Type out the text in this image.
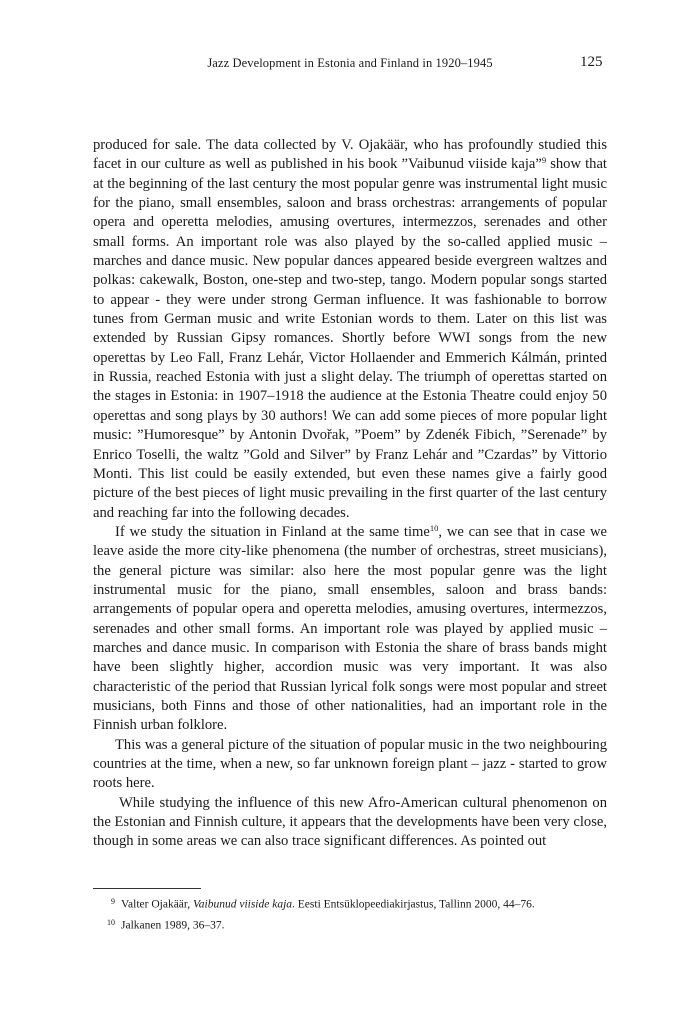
Jazz Development in Estonia and Finland in 1920–1945	125

produced for sale. The data collected by V. Ojakäär, who has profoundly studied this facet in our culture as well as published in his book ”Vaibunud viiside kaja”$^9$ show that at the beginning of the last century the most popular genre was instrumental light music for the piano, small ensembles, saloon and brass orchestras: arrangements of popular opera and operetta melodies, amusing overtures, intermezzos, serenades and other small forms. An important role was also played by the so-called applied music – marches and dance music. New popular dances appeared beside evergreen waltzes and polkas: cakewalk, Boston, one-step and two-step, tango. Modern popular songs started to appear - they were under strong German influence. It was fashionable to borrow tunes from German music and write Estonian words to them. Later on this list was extended by Russian Gipsy romances. Shortly before WWI songs from the new operettas by Leo Fall, Franz Lehár, Victor Hollaender and Emmerich Kálmán, printed in Russia, reached Estonia with just a slight delay. The triumph of operettas started on the stages in Estonia: in 1907–1918 the audience at the Estonia Theatre could enjoy 50 operettas and song plays by 30 authors! We can add some pieces of more popular light music: ”Humoresque” by Antonin Dvořak, ”Poem” by Zdenék Fibich, ”Serenade” by Enrico Toselli, the waltz ”Gold and Silver” by Franz Lehár and ”Czardas” by Vittorio Monti. This list could be easily extended, but even these names give a fairly good picture of the best pieces of light music prevailing in the first quarter of the last century and reaching far into the following decades.

If we study the situation in Finland at the same time$^{10}$, we can see that in case we leave aside the more city-like phenomena (the number of orchestras, street musicians), the general picture was similar: also here the most popular genre was the light instrumental music for the piano, small ensembles, saloon and brass bands: arrangements of popular opera and operetta melodies, amusing overtures, intermezzos, serenades and other small forms. An important role was played by applied music – marches and dance music. In comparison with Estonia the share of brass bands might have been slightly higher, accordion music was very important. It was also characteristic of the period that Russian lyrical folk songs were most popular and street musicians, both Finns and those of other nationalities, had an important role in the Finnish urban folklore.

This was a general picture of the situation of popular music in the two neighbouring countries at the time, when a new, so far unknown foreign plant – jazz - started to grow roots here.

While studying the influence of this new Afro-American cultural phenomenon on the Estonian and Finnish culture, it appears that the developments have been very close, though in some areas we can also trace significant differences. As pointed out

9 Valter Ojakäär, Vaibunud viiside kaja. Eesti Entsüklopeediakirjastus, Tallinn 2000, 44–76.
10 Jalkanen 1989, 36–37.
